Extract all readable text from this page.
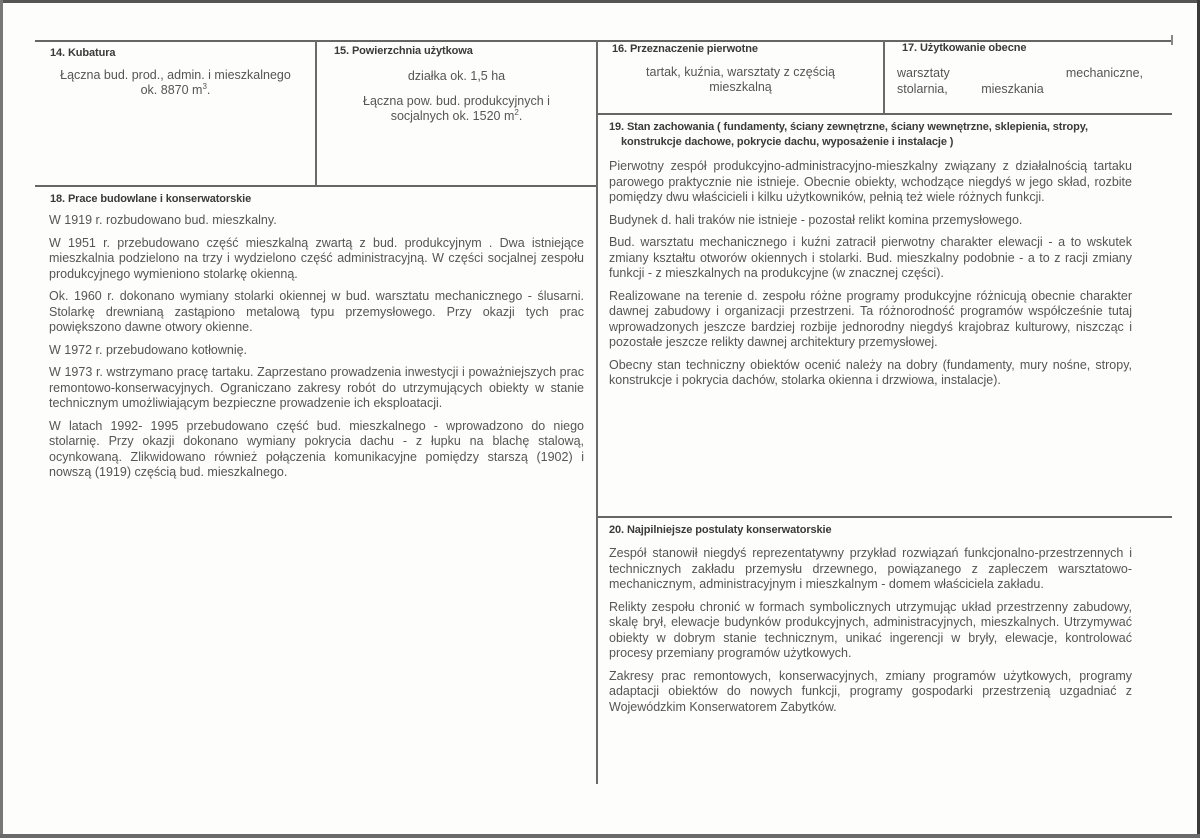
14. Kubatura
Łączna bud. prod., admin. i mieszkalnego
ok. 8870 $m^3$.
15. Powierzchnia użytkowa
działka ok. 1,5 ha
Łączna pow. bud. produkcyjnych i
socjalnych ok. 1520 $m^2$.
16. Przeznaczenie pierwotne
tartak, kuźnia, warsztaty z częścią mieszkalną
17. Użytkowanie obecne
warsztaty mechaniczne, stolarnia, mieszkania
18. Prace budowlane i konserwatorskie

W 1919 r. rozbudowano bud. mieszkalny.

W 1951 r. przebudowano część mieszkalną zwartą z bud. produkcyjnym . Dwa istniejące mieszkalnia podzielono na trzy i wydzielono część administracyjną. W części socjalnej zespołu produkcyjnego wymieniono stolarkę okienną.

Ok. 1960 r. dokonano wymiany stolarki okiennej w bud. warsztatu mechanicznego - ślusarni. Stolarkę drewnianą zastąpiono metalową typu przemysłowego. Przy okazji tych prac powiększono dawne otwory okienne.

W 1972 r. przebudowano kotłownię.

W 1973 r. wstrzymano pracę tartaku. Zaprzestano prowadzenia inwestycji i poważniejszych prac remontowo-konserwacyjnych. Ograniczano zakresy robót do utrzymujących obiekty w stanie technicznym umożliwiającym bezpieczne prowadzenie ich eksploatacji.

W latach 1992- 1995 przebudowano część bud. mieszkalnego - wprowadzono do niego stolarnię. Przy okazji dokonano wymiany pokrycia dachu - z łupku na blachę stalową, ocynkowaną. Zlikwidowano również połączenia komunikacyjne pomiędzy starszą (1902) i nowszą (1919) częścią bud. mieszkalnego.

19. Stan zachowania ( fundamenty, ściany zewnętrzne, ściany wewnętrzne, sklepienia, stropy,
konstrukcje dachowe, pokrycie dachu, wyposażenie i instalacje )

Pierwotny zespół produkcyjno-administracyjno-mieszkalny związany z działalnością tartaku parowego praktycznie nie istnieje. Obecnie obiekty, wchodzące niegdyś w jego skład, rozbite pomiędzy dwu właścicieli i kilku użytkowników, pełnią też wiele różnych funkcji.

Budynek d. hali traków nie istnieje - pozostał relikt komina przemysłowego.

Bud. warsztatu mechanicznego i kuźni zatracił pierwotny charakter elewacji - a to wskutek zmiany kształtu otworów okiennych i stolarki. Bud. mieszkalny podobnie - a to z racji zmiany funkcji - z mieszkalnych na produkcyjne (w znacznej części).

Realizowane na terenie d. zespołu różne programy produkcyjne różnicują obecnie charakter dawnej zabudowy i organizacji przestrzeni. Ta różnorodność programów współcześnie tutaj wprowadzonych jeszcze bardziej rozbije jednorodny niegdyś krajobraz kulturowy, niszcząc i pozostałe jeszcze relikty dawnej architektury przemysłowej.

Obecny stan techniczny obiektów ocenić należy na dobry (fundamenty, mury nośne, stropy, konstrukcje i pokrycia dachów, stolarka okienna i drzwiowa, instalacje).

20. Najpilniejsze postulaty konserwatorskie

Zespół stanowił niegdyś reprezentatywny przykład rozwiązań funkcjonalno-przestrzennych i technicznych zakładu przemysłu drzewnego, powiązanego z zapleczem warsztatowo-mechanicznym, administracyjnym i mieszkalnym - domem właściciela zakładu.

Relikty zespołu chronić w formach symbolicznych utrzymując układ przestrzenny zabudowy, skalę brył, elewacje budynków produkcyjnych, administracyjnych, mieszkalnych. Utrzymywać obiekty w dobrym stanie technicznym, unikać ingerencji w bryły, elewacje, kontrolować procesy przemiany programów użytkowych.

Zakresy prac remontowych, konserwacyjnych, zmiany programów użytkowych, programy adaptacji obiektów do nowych funkcji, programy gospodarki przestrzenią uzgadniać z Wojewódzkim Konserwatorem Zabytków.
